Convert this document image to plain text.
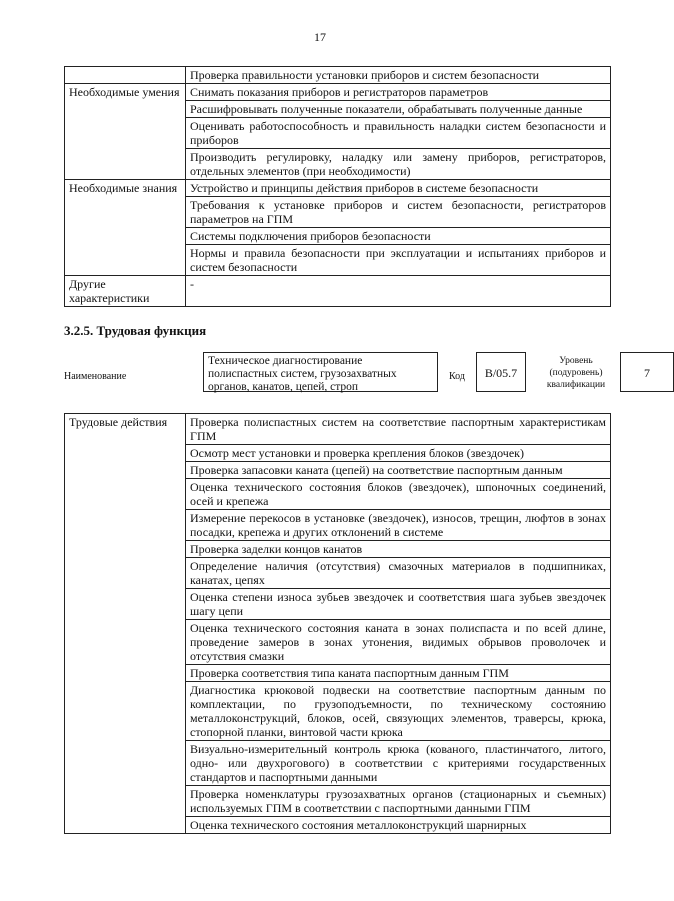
17
	Проверка правильности установки приборов и систем безопасности
Необходимые умения	Снимать показания приборов и регистраторов параметров
	Расшифровывать полученные показатели, обрабатывать полученные данные
	Оценивать работоспособность и правильность наладки систем безопасности и приборов
	Производить регулировку, наладку или замену приборов, регистраторов, отдельных элементов (при необходимости)
Необходимые знания	Устройство и принципы действия приборов в системе безопасности
	Требования к установке приборов и систем безопасности, регистраторов параметров на ГПМ
	Системы подключения приборов безопасности
	Нормы и правила безопасности при эксплуатации и испытаниях приборов и систем безопасности
Другие характеристики	-
3.2.5. Трудовая функция
Наименование
Техническое диагностирование полиспастных систем, грузозахватных органов, канатов, цепей, строп
Код	B/05.7
Уровень (подуровень) квалификации
7
Трудовые действия	Проверка полиспастных систем на соответствие паспортным характеристикам ГПМ
Осмотр мест установки и проверка крепления блоков (звездочек)
Проверка запасовки каната (цепей) на соответствие паспортным данным
Оценка технического состояния блоков (звездочек), шпоночных соединений, осей и крепежа
Измерение перекосов в установке (звездочек), износов, трещин, люфтов в зонах посадки, крепежа и других отклонений в системе
Проверка заделки концов канатов
Определение наличия (отсутствия) смазочных материалов в подшипниках, канатах, цепях
Оценка степени износа зубьев звездочек и соответствия шага зубьев звездочек шагу цепи
Оценка технического состояния каната в зонах полиспаста и по всей длине, проведение замеров в зонах утонения, видимых обрывов проволочек и отсутствия смазки
Проверка соответствия типа каната паспортным данным ГПМ
Диагностика крюковой подвески на соответствие паспортным данным по комплектации, по грузоподъемности, по техническому состоянию металлоконструкций, блоков, осей, связующих элементов, траверсы, крюка, стопорной планки, винтовой части крюка
Визуально-измерительный контроль крюка (кованого, пластинчатого, литого, одно- или двухрогового) в соответствии с критериями государственных стандартов и паспортными данными
Проверка номенклатуры грузозахватных органов (стационарных и съемных) используемых ГПМ в соответствии с паспортными данными ГПМ
Оценка технического состояния металлоконструкций шарнирных
